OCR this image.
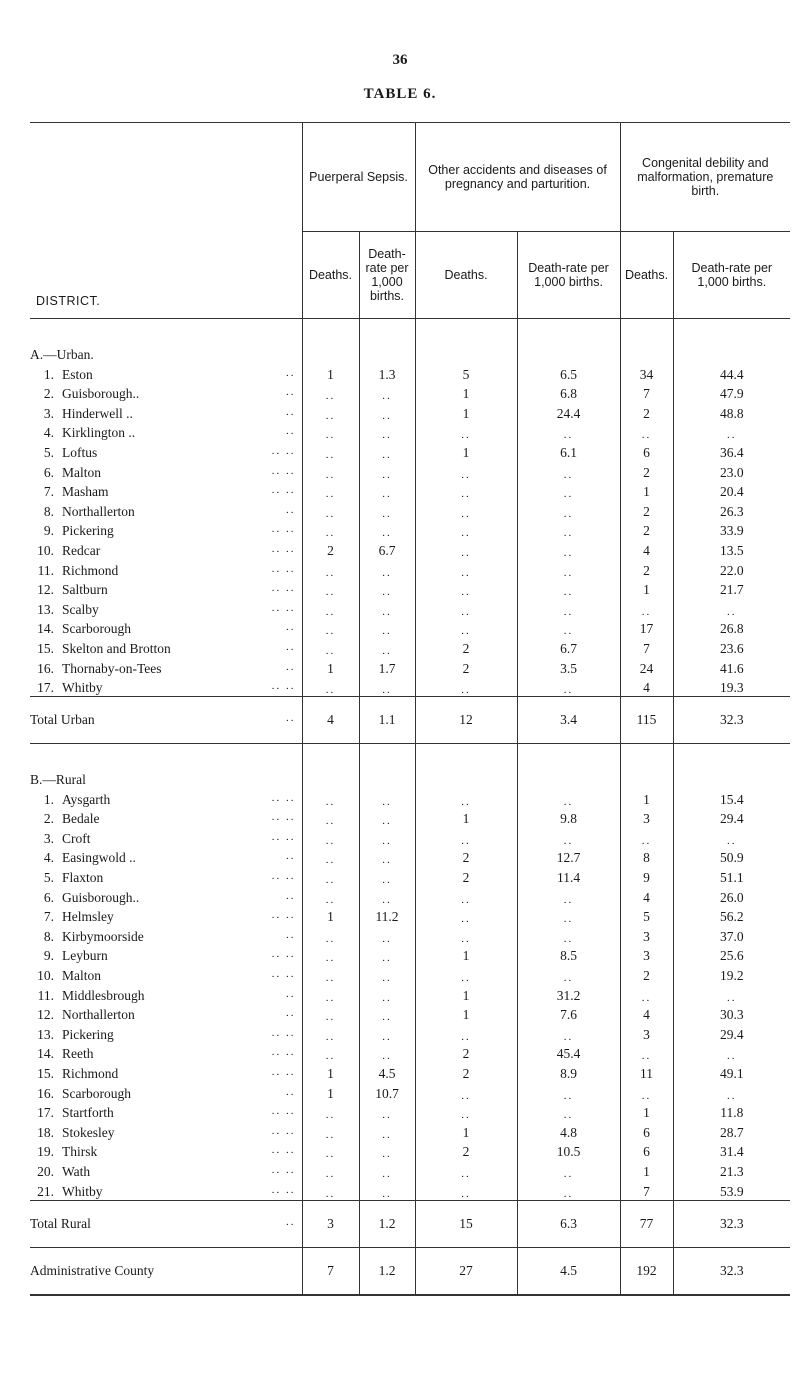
36
TABLE 6.
DISTRICT.	Puerperal Sepsis.		Other accidents and diseases of pregnancy and parturition.		Congenital debility and malformation, premature birth.	
	Deaths.	Death-rate per 1,000 births.	Deaths.	Death-rate per 1,000 births.	Deaths.	Death-rate per 1,000 births.
A.—Urban.						
1. Eston ..	1	1.3	5	6.5	34	44.4
2. Guisborough.. ..	..	..	1	6.8	7	47.9
3. Hinderwell .. ..	..	..	1	24.4	2	48.8
4. Kirklington .. ..	..	..	..	..	..	..
5. Loftus .. ..	..	..	1	6.1	6	36.4
6. Malton .. ..	..	..	..	..	2	23.0
7. Masham .. ..	..	..	..	..	1	20.4
8. Northallerton ..	..	..	..	..	2	26.3
9. Pickering .. ..	..	..	..	..	2	33.9
10. Redcar .. ..	2	6.7	..	..	4	13.5
11. Richmond .. ..	..	..	..	..	2	22.0
12. Saltburn .. ..	..	..	..	..	1	21.7
13. Scalby .. ..	..	..	..	..	..	..
14. Scarborough ..	..	..	..	..	17	26.8
15. Skelton and Brotton ..	..	..	2	6.7	7	23.6
16. Thornaby-on-Tees ..	1	1.7	2	3.5	24	41.6
17. Whitby .. ..	..	..	..	..	4	19.3
Total Urban ..	4	1.1	12	3.4	115	32.3
B.—Rural						
1. Aysgarth .. ..	..	..	..	..	1	15.4
2. Bedale .. ..	..	..	1	9.8	3	29.4
3. Croft .. ..	..	..	..	..	..	..
4. Easingwold .. ..	..	..	2	12.7	8	50.9
5. Flaxton .. ..	..	..	2	11.4	9	51.1
6. Guisborough.. ..	..	..	..	..	4	26.0
7. Helmsley .. ..	1	11.2	..	..	5	56.2
8. Kirbymoorside ..	..	..	..	..	3	37.0
9. Leyburn .. ..	..	..	1	8.5	3	25.6
10. Malton .. ..	..	..	..	..	2	19.2
11. Middlesbrough ..	..	..	1	31.2	..	..
12. Northallerton ..	..	..	1	7.6	4	30.3
13. Pickering .. ..	..	..	..	..	3	29.4
14. Reeth .. ..	..	..	2	45.4	..	..
15. Richmond .. ..	1	4.5	2	8.9	11	49.1
16. Scarborough ..	1	10.7	..	..	..	..
17. Startforth .. ..	..	..	..	..	1	11.8
18. Stokesley .. ..	..	..	1	4.8	6	28.7
19. Thirsk .. ..	..	..	2	10.5	6	31.4
20. Wath .. ..	..	..	..	..	1	21.3
21. Whitby .. ..	..	..	..	..	7	53.9
Total Rural ..	3	1.2	15	6.3	77	32.3
Administrative County	7	1.2	27	4.5	192	32.3
